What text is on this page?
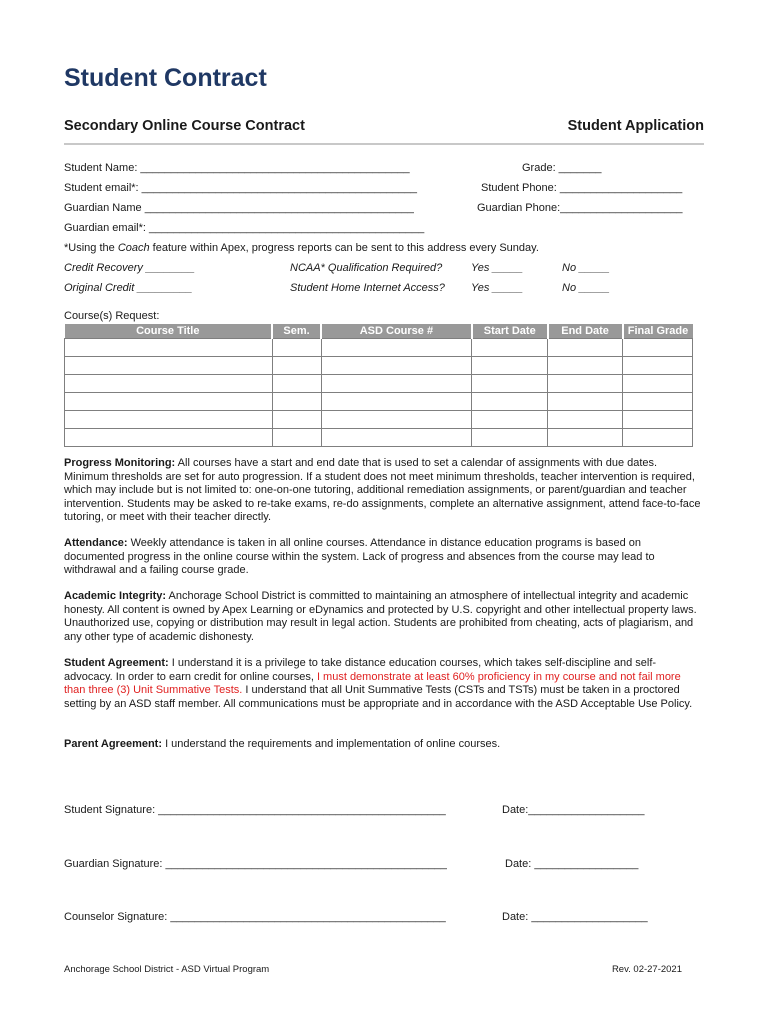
Student Contract
Secondary Online Course Contract	Student Application
Student Name: ____________________________________________	Grade: _______
Student email*: _____________________________________________	Student Phone: ____________________
Guardian Name ____________________________________________	Guardian Phone:____________________
Guardian email*: _____________________________________________
*Using the Coach feature within Apex, progress reports can be sent to this address every Sunday.
Credit Recovery ________	NCAA* Qualification Required?	Yes _____	No _____
Original Credit _________	Student Home Internet Access? Yes _____	No _____
Course(s) Request:
Course Title	Sem.	ASD Course #	Start Date	End Date	Final Grade

Progress Monitoring: All courses have a start and end date that is used to set a calendar of assignments with due dates. Minimum thresholds are set for auto progression. If a student does not meet minimum thresholds, teacher intervention is required, which may include but is not limited to: one-on-one tutoring, additional remediation assignments, or parent/guardian and teacher intervention. Students may be asked to re-take exams, re-do assignments, complete an alternative assignment, attend face-to-face tutoring, or meet with their teacher directly.
Attendance: Weekly attendance is taken in all online courses. Attendance in distance education programs is based on documented progress in the online course within the system. Lack of progress and absences from the course may lead to withdrawal and a failing course grade.
Academic Integrity: Anchorage School District is committed to maintaining an atmosphere of intellectual integrity and academic honesty. All content is owned by Apex Learning or eDynamics and protected by U.S. copyright and other intellectual property laws. Unauthorized use, copying or distribution may result in legal action. Students are prohibited from cheating, acts of plagiarism, and any other type of academic dishonesty.
Student Agreement: I understand it is a privilege to take distance education courses, which takes self-discipline and self-advocacy. In order to earn credit for online courses, I must demonstrate at least 60% proficiency in my course and not fail more than three (3) Unit Summative Tests. I understand that all Unit Summative Tests (CSTs and TSTs) must be taken in a proctored setting by an ASD staff member. All communications must be appropriate and in accordance with the ASD Acceptable Use Policy.
Parent Agreement: I understand the requirements and implementation of online courses.
Student Signature: _______________________________________________	Date:___________________
Guardian Signature: ______________________________________________	Date: _________________
Counselor Signature: _____________________________________________	Date: ___________________
Anchorage School District - ASD Virtual Program	Rev. 02-27-2021
